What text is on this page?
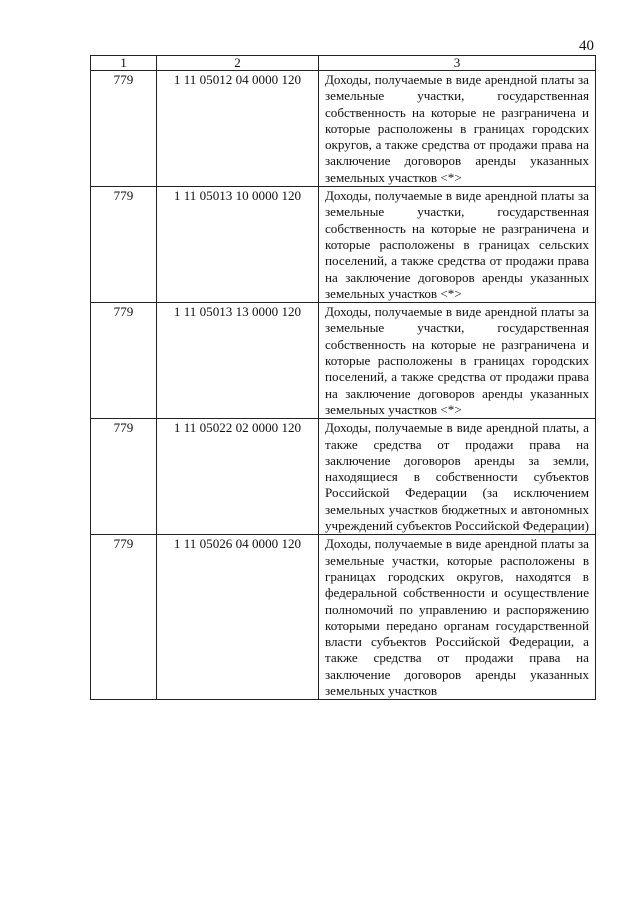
40
1	2	3
779	1 11 05012 04 0000 120	Доходы, получаемые в виде арендной платы за земельные участки, государственная собственность на которые не разграничена и которые расположены в границах городских округов, а также средства от продажи права на заключение договоров аренды указанных земельных участков <*>
779	1 11 05013 10 0000 120	Доходы, получаемые в виде арендной платы за земельные участки, государственная собственность на которые не разграничена и которые расположены в границах сельских поселений, а также средства от продажи права на заключение договоров аренды указанных земельных участков <*>
779	1 11 05013 13 0000 120	Доходы, получаемые в виде арендной платы за земельные участки, государственная собственность на которые не разграничена и которые расположены в границах городских поселений, а также средства от продажи права на заключение договоров аренды указанных земельных участков <*>
779	1 11 05022 02 0000 120	Доходы, получаемые в виде арендной платы, а также средства от продажи права на заключение договоров аренды за земли, находящиеся в собственности субъектов Российской Федерации (за исключением земельных участков бюджетных и автономных учреждений субъектов Российской Федерации)
779	1 11 05026 04 0000 120	Доходы, получаемые в виде арендной платы за земельные участки, которые расположены в границах городских округов, находятся в федеральной собственности и осуществление полномочий по управлению и распоряжению которыми передано органам государственной власти субъектов Российской Федерации, а также средства от продажи права на заключение договоров аренды указанных земельных участков
